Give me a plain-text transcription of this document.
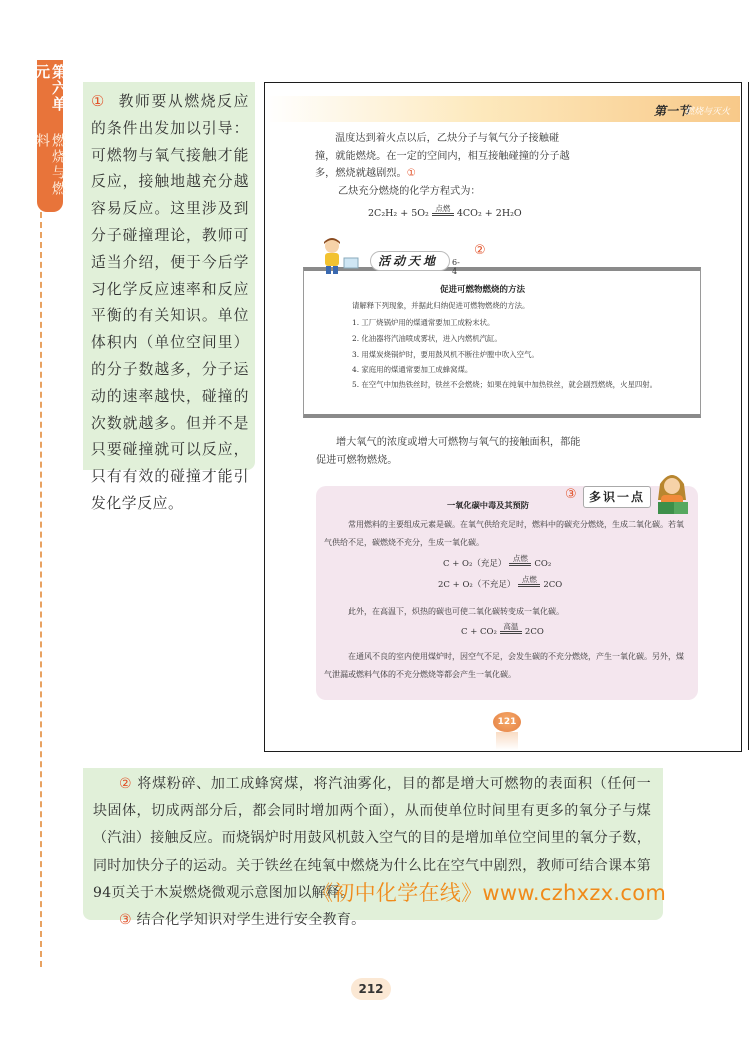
第六单元
燃烧与燃料

① 教师要从燃烧反应的条件出发加以引导：可燃物与氧气接触才能反应，接触地越充分越容易反应。这里涉及到分子碰撞理论，教师可适当介绍，便于今后学习化学反应速率和反应平衡的有关知识。单位体积内（单位空间里）的分子数越多，分子运动的速率越快，碰撞的次数就越多。但并不是只要碰撞就可以反应，只有有效的碰撞才能引发化学反应。

第一节
燃烧与灭火
温度达到着火点以后，乙炔分子与氧气分子接触碰撞，就能燃烧。在一定的空间内，相互接触碰撞的分子越多，燃烧就越剧烈。①
乙炔充分燃烧的化学方程式为：
2C₂H₂ + 5O₂ 点燃 4CO₂ + 2H₂O
活动天地 6-4
②
促进可燃物燃烧的方法
请解释下列现象，并据此归纳促进可燃物燃烧的方法。
1. 工厂烧锅炉用的煤通常要加工成粉末状。
2. 化油器将汽油喷成雾状，进入内燃机汽缸。
3. 用煤炭烧锅炉时，要用鼓风机不断往炉膛中吹入空气。
4. 家庭用的煤通常要加工成蜂窝煤。
5. 在空气中加热铁丝时，铁丝不会燃烧；如果在纯氧中加热铁丝，就会剧烈燃烧，火星四射。
增大氧气的浓度或增大可燃物与氧气的接触面积，都能促进可燃物燃烧。
③	多识一点
一氧化碳中毒及其预防
常用燃料的主要组成元素是碳。在氧气供给充足时，燃料中的碳充分燃烧，生成二氧化碳。若氧气供给不足，碳燃烧不充分，生成一氧化碳。
C + O₂（充足）
点燃
CO₂
2C + O₂（不充足）
点燃
2CO
此外，在高温下，炽热的碳也可使二氧化碳转变成一氧化碳。
C + CO₂
高温
2CO
在通风不良的室内使用煤炉时，因空气不足，会发生碳的不充分燃烧，产生一氧化碳。另外，煤气泄漏或燃料气体的不充分燃烧等都会产生一氧化碳。
121

② 将煤粉碎、加工成蜂窝煤，将汽油雾化，目的都是增大可燃物的表面积（任何一块固体，切成两部分后，都会同时增加两个面），从而使单位时间里有更多的氧分子与煤（汽油）接触反应。而烧锅炉时用鼓风机鼓入空气的目的是增加单位空间里的氧分子数，同时加快分子的运动。关于铁丝在纯氧中燃烧为什么比在空气中剧烈，教师可结合课本第94页关于木炭燃烧微观示意图加以解释。

③ 结合化学知识对学生进行安全教育。

《初中化学在线》www.czhxzx.com
212
